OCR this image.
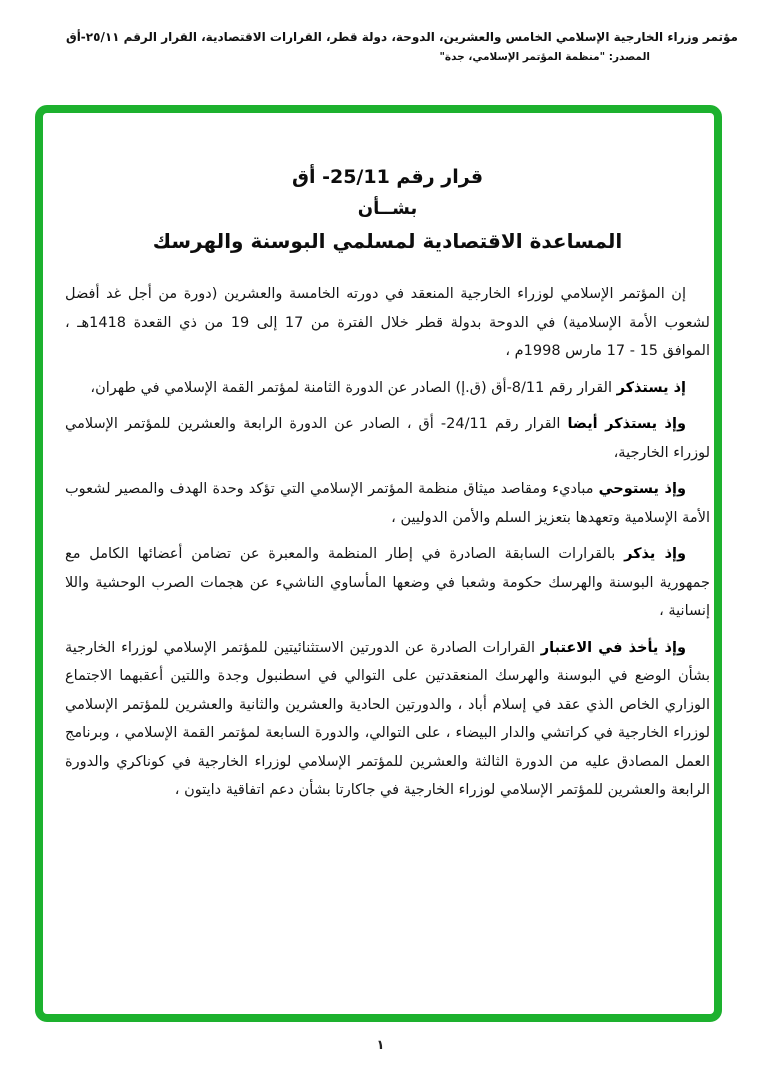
مؤتمر وزراء الخارجية الإسلامي الخامس والعشرين، الدوحة، دولة قطر، القرارات الاقتصادية، القرار الرقم ٢٥/١١-أق
المصدر: "منظمة المؤتمر الإسلامي، جدة"
قرار رقم 25/11- أق
بشــأن
المساعدة الاقتصادية لمسلمي البوسنة والهرسك

إن المؤتمر الإسلامي لوزراء الخارجية المنعقد في دورته الخامسة والعشرين (دورة من أجل غد أفضل لشعوب الأمة الإسلامية) في الدوحة بدولة قطر خلال الفترة من 17 إلى 19 من ذي القعدة 1418هـ ، الموافق 15 - 17 مارس 1998م ،

إذ يستذكر القرار رقم 8/11-أق (ق.إ) الصادر عن الدورة الثامنة لمؤتمر القمة الإسلامي في طهران،

وإذ يستذكر أيضا القرار رقم 24/11- أق ، الصادر عن الدورة الرابعة والعشرين للمؤتمر الإسلامي لوزراء الخارجية،

وإذ يستوحي مباديء ومقاصد ميثاق منظمة المؤتمر الإسلامي التي تؤكد وحدة الهدف والمصير لشعوب الأمة الإسلامية وتعهدها بتعزيز السلم والأمن الدوليين ،

وإذ يذكر بالقرارات السابقة الصادرة في إطار المنظمة والمعبرة عن تضامن أعضائها الكامل مع جمهورية البوسنة والهرسك حكومة وشعبا في وضعها المأساوي الناشيء عن هجمات الصرب الوحشية واللا إنسانية ،

وإذ يأخذ في الاعتبار القرارات الصادرة عن الدورتين الاستثنائيتين للمؤتمر الإسلامي لوزراء الخارجية بشأن الوضع في البوسنة والهرسك المنعقدتين على التوالي في اسطنبول وجدة واللتين أعقبهما الاجتماع الوزاري الخاص الذي عقد في إسلام أباد ، والدورتين الحادية والعشرين والثانية والعشرين للمؤتمر الإسلامي لوزراء الخارجية في كراتشي والدار البيضاء ، على التوالي، والدورة السابعة لمؤتمر القمة الإسلامي ، وبرنامج العمل المصادق عليه من الدورة الثالثة والعشرين للمؤتمر الإسلامي لوزراء الخارجية في كوناكري والدورة الرابعة والعشرين للمؤتمر الإسلامي لوزراء الخارجية في جاكارتا بشأن دعم اتفاقية دايتون ،

١
